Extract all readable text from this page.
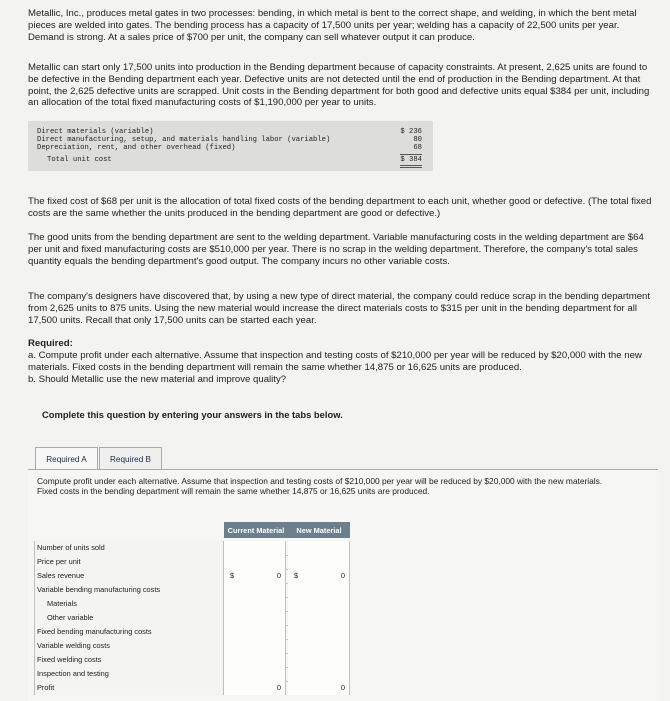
Metallic, Inc., produces metal gates in two processes: bending, in which metal is bent to the correct shape, and welding, in which the bent metal pieces are welded into gates. The bending process has a capacity of 17,500 units per year; welding has a capacity of 22,500 units per year. Demand is strong. At a sales price of $700 per unit, the company can sell whatever output it can produce.

Metallic can start only 17,500 units into production in the Bending department because of capacity constraints. At present, 2,625 units are found to be defective in the Bending department each year. Defective units are not detected until the end of production in the Bending department. At that point, the 2,625 defective units are scrapped. Unit costs in the Bending department for both good and defective units equal $384 per unit, including an allocation of the total fixed manufacturing costs of $1,190,000 per year to units.

Direct materials (variable)	$ 236
Direct manufacturing, setup, and materials handling labor (variable)	80
Depreciation, rent, and other overhead (fixed)	68
Total unit cost	$ 384

The fixed cost of $68 per unit is the allocation of total fixed costs of the bending department to each unit, whether good or defective. (The total fixed costs are the same whether the units produced in the bending department are good or defective.)

The good units from the bending department are sent to the welding department. Variable manufacturing costs in the welding department are $64 per unit and fixed manufacturing costs are $510,000 per year. There is no scrap in the welding department. Therefore, the company's total sales quantity equals the bending department's good output. The company incurs no other variable costs.

The company's designers have discovered that, by using a new type of direct material, the company could reduce scrap in the bending department from 2,625 units to 875 units. Using the new material would increase the direct materials costs to $315 per unit in the bending department for all 17,500 units. Recall that only 17,500 units can be started each year.

Required:

a. Compute profit under each alternative. Assume that inspection and testing costs of $210,000 per year will be reduced by $20,000 with the new materials. Fixed costs in the bending department will remain the same whether 14,875 or 16,625 units are produced.

b. Should Metallic use the new material and improve quality?

Complete this question by entering your answers in the tabs below.
Required A	Required B
Compute profit under each alternative. Assume that inspection and testing costs of $210,000 per year will be reduced by $20,000 with the new materials. Fixed costs in the bending department will remain the same whether 14,875 or 16,625 units are produced.
Current Material	New Material
Number of units sold
Price per unit
Sales revenue	$	0 $	0
Variable bending manufacturing costs
Materials
Other variable
Fixed bending manufacturing costs
Variable welding costs
Fixed welding costs
Inspection and testing
Profit	0	0
